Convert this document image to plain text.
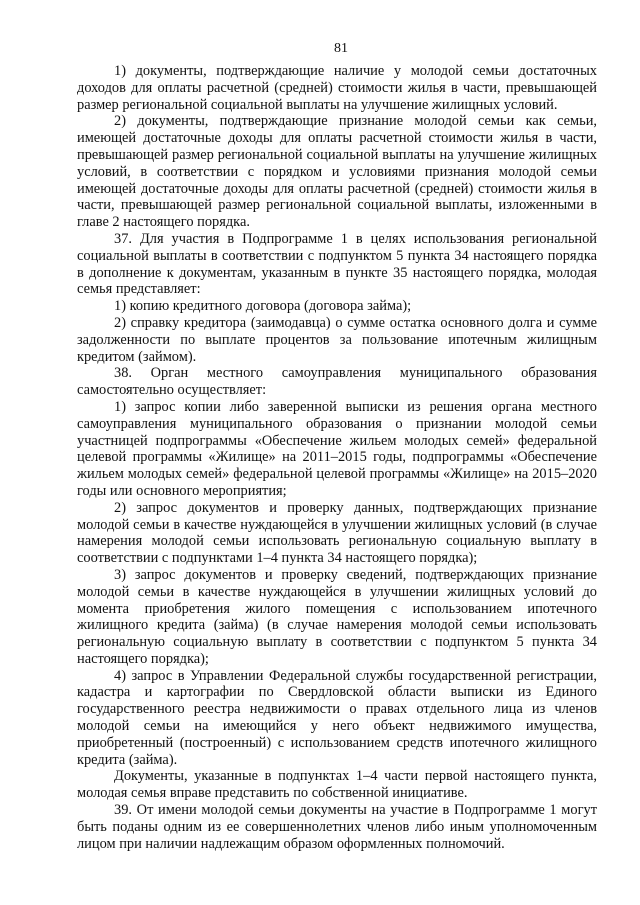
81

1) документы, подтверждающие наличие у молодой семьи достаточных доходов для оплаты расчетной (средней) стоимости жилья в части, превышающей размер региональной социальной выплаты на улучшение жилищных условий.

2) документы, подтверждающие признание молодой семьи как семьи, имеющей достаточные доходы для оплаты расчетной стоимости жилья в части, превышающей размер региональной социальной выплаты на улучшение жилищных условий, в соответствии с порядком и условиями признания молодой семьи имеющей достаточные доходы для оплаты расчетной (средней) стоимости жилья в части, превышающей размер региональной социальной выплаты, изложенными в главе 2 настоящего порядка.

37. Для участия в Подпрограмме 1 в целях использования региональной социальной выплаты в соответствии с подпунктом 5 пункта 34 настоящего порядка в дополнение к документам, указанным в пункте 35 настоящего порядка, молодая семья представляет:

1) копию кредитного договора (договора займа);

2) справку кредитора (заимодавца) о сумме остатка основного долга и сумме задолженности по выплате процентов за пользование ипотечным жилищным кредитом (займом).

38. Орган местного самоуправления муниципального образования самостоятельно осуществляет:

1) запрос копии либо заверенной выписки из решения органа местного самоуправления муниципального образования о признании молодой семьи участницей подпрограммы «Обеспечение жильем молодых семей» федеральной целевой программы «Жилище» на 2011–2015 годы, подпрограммы «Обеспечение жильем молодых семей» федеральной целевой программы «Жилище» на 2015–2020 годы или основного мероприятия;

2) запрос документов и проверку данных, подтверждающих признание молодой семьи в качестве нуждающейся в улучшении жилищных условий (в случае намерения молодой семьи использовать региональную социальную выплату в соответствии с подпунктами 1–4 пункта 34 настоящего порядка);

3) запрос документов и проверку сведений, подтверждающих признание молодой семьи в качестве нуждающейся в улучшении жилищных условий до момента приобретения жилого помещения с использованием ипотечного жилищного кредита (займа) (в случае намерения молодой семьи использовать региональную социальную выплату в соответствии с подпунктом 5 пункта 34 настоящего порядка);

4) запрос в Управлении Федеральной службы государственной регистрации, кадастра и картографии по Свердловской области выписки из Единого государственного реестра недвижимости о правах отдельного лица из членов молодой семьи на имеющийся у него объект недвижимого имущества, приобретенный (построенный) с использованием средств ипотечного жилищного кредита (займа).

Документы, указанные в подпунктах 1–4 части первой настоящего пункта, молодая семья вправе представить по собственной инициативе.

39. От имени молодой семьи документы на участие в Подпрограмме 1 могут быть поданы одним из ее совершеннолетних членов либо иным уполномоченным лицом при наличии надлежащим образом оформленных полномочий.
